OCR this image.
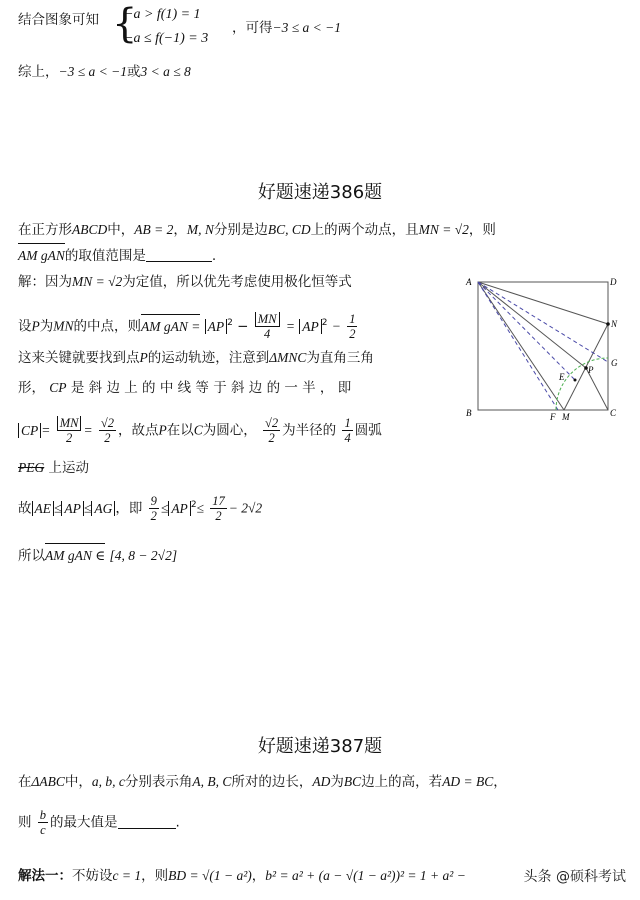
结合图象可知 {
−a > f(1) = 1
−a ≤ f(−1) = 3
，可得−3 ≤ a < −1
综上，−3 ≤ a < −1或3 < a ≤ 8
好题速递386题
在正方形ABCD中，AB = 2，M, N分别是边BC, CD上的两个动点，且MN = √2，则
AM gAN的取值范围是	.
解：因为MN = √2为定值，所以优先考虑使用极化恒等式
设P为MN的中点，则AM gAN = AP $^2 - \frac{MN}{4}$ = AP $^2 - \frac{1}{2}$
这来关键就要找到点P的运动轨迹，注意到ΔMNC为直角三角
形， CP 是 斜 边 上 的 中 线 等 于 斜 边 的 一 半 ， 即
CP = $\frac{MN}{2} = \frac{√2}{2}$ ，故点P在以C为圆心， $\frac{√2}{2}$ 为半径的 $\frac{1}{4}$ 圆弧
PEG 上运动
故 AE ≤ AP ≤ AG ，即 $\frac{9}{2}$ ≤ AP $^2\le \frac{17}{2} - 2√2$
所以AM gAN ∈ [4, 8 − 2√2]
A	D
N
G
P
E
B	F M	C
好题速递387题
在ΔABC中，a, b, c分别表示角A, B, C所对的边长，AD为BC边上的高，若AD = BC，
则 $\frac{b}{c}$ 的最大值是	.
解法一：不妨设c = 1，则BD = √(1 − a²)，b² = a² + (a − √(1 − a²))² = 1 + a² −	头条 @硕科考试
